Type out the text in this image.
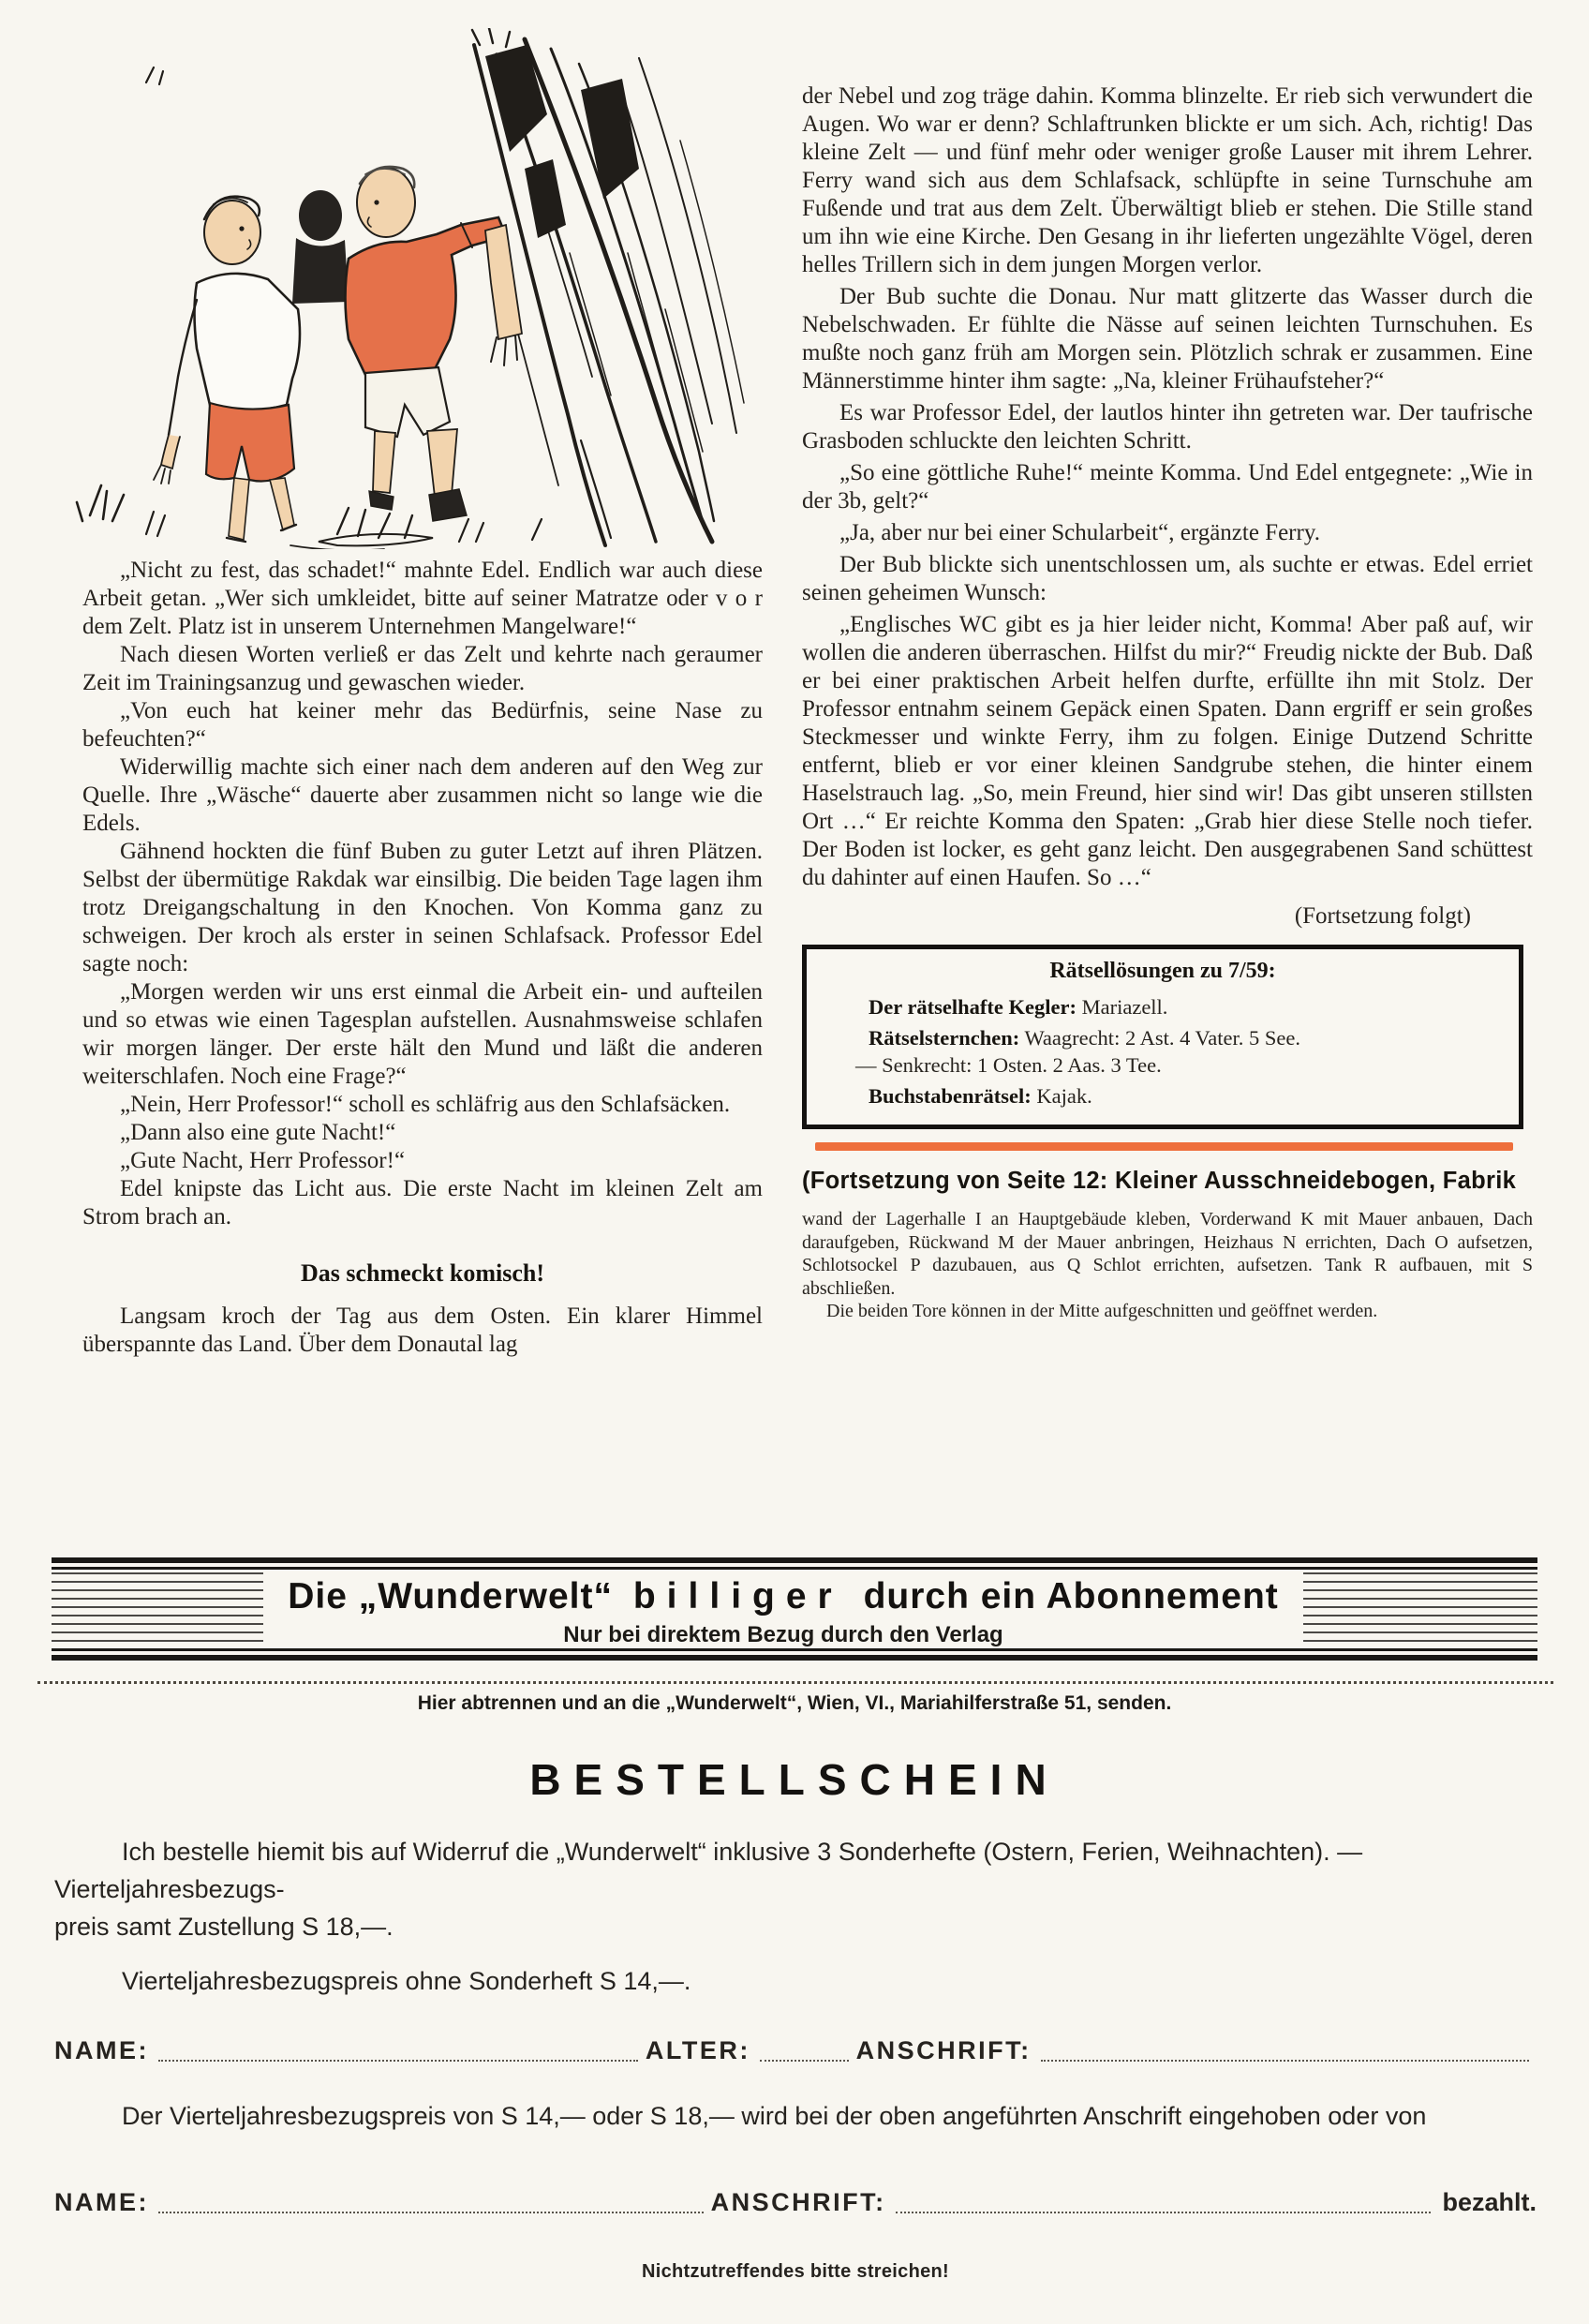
„Nicht zu fest, das schadet!“ mahnte Edel. Endlich war auch diese Arbeit getan. „Wer sich umkleidet, bitte auf seiner Matratze oder v o r dem Zelt. Platz ist in unserem Unternehmen Mangelware!“

Nach diesen Worten verließ er das Zelt und kehrte nach geraumer Zeit im Trainingsanzug und gewaschen wieder.

„Von euch hat keiner mehr das Bedürfnis, seine Nase zu befeuchten?“

Widerwillig machte sich einer nach dem anderen auf den Weg zur Quelle. Ihre „Wäsche“ dauerte aber zusammen nicht so lange wie die Edels.

Gähnend hockten die fünf Buben zu guter Letzt auf ihren Plätzen. Selbst der übermütige Rakdak war einsilbig. Die beiden Tage lagen ihm trotz Dreigangschaltung in den Knochen. Von Komma ganz zu schweigen. Der kroch als erster in seinen Schlafsack. Professor Edel sagte noch:

„Morgen werden wir uns erst einmal die Arbeit ein- und aufteilen und so etwas wie einen Tagesplan aufstellen. Ausnahmsweise schlafen wir morgen länger. Der erste hält den Mund und läßt die anderen weiterschlafen. Noch eine Frage?“

„Nein, Herr Professor!“ scholl es schläfrig aus den Schlafsäcken.

„Dann also eine gute Nacht!“

„Gute Nacht, Herr Professor!“

Edel knipste das Licht aus. Die erste Nacht im kleinen Zelt am Strom brach an.

Das schmeckt komisch!

Langsam kroch der Tag aus dem Osten. Ein klarer Himmel überspannte das Land. Über dem Donautal lag

der Nebel und zog träge dahin. Komma blinzelte. Er rieb sich verwundert die Augen. Wo war er denn? Schlaftrunken blickte er um sich. Ach, richtig! Das kleine Zelt — und fünf mehr oder weniger große Lauser mit ihrem Lehrer. Ferry wand sich aus dem Schlafsack, schlüpfte in seine Turnschuhe am Fußende und trat aus dem Zelt. Überwältigt blieb er stehen. Die Stille stand um ihn wie eine Kirche. Den Gesang in ihr lieferten ungezählte Vögel, deren helles Trillern sich in dem jungen Morgen verlor.

Der Bub suchte die Donau. Nur matt glitzerte das Wasser durch die Nebelschwaden. Er fühlte die Nässe auf seinen leichten Turnschuhen. Es mußte noch ganz früh am Morgen sein. Plötzlich schrak er zusammen. Eine Männerstimme hinter ihm sagte: „Na, kleiner Frühaufsteher?“

Es war Professor Edel, der lautlos hinter ihn getreten war. Der taufrische Grasboden schluckte den leichten Schritt.

„So eine göttliche Ruhe!“ meinte Komma. Und Edel entgegnete: „Wie in der 3b, gelt?“

„Ja, aber nur bei einer Schularbeit“, ergänzte Ferry.

Der Bub blickte sich unentschlossen um, als suchte er etwas. Edel erriet seinen geheimen Wunsch:

„Englisches WC gibt es ja hier leider nicht, Komma! Aber paß auf, wir wollen die anderen überraschen. Hilfst du mir?“ Freudig nickte der Bub. Daß er bei einer praktischen Arbeit helfen durfte, erfüllte ihn mit Stolz. Der Professor entnahm seinem Gepäck einen Spaten. Dann ergriff er sein großes Steckmesser und winkte Ferry, ihm zu folgen. Einige Dutzend Schritte entfernt, blieb er vor einer kleinen Sandgrube stehen, die hinter einem Haselstrauch lag. „So, mein Freund, hier sind wir! Das gibt unseren stillsten Ort …“ Er reichte Komma den Spaten: „Grab hier diese Stelle noch tiefer. Der Boden ist locker, es geht ganz leicht. Den ausgegrabenen Sand schüttest du dahinter auf einen Haufen. So …“

(Fortsetzung folgt)
Rätsellösungen zu 7/59:
Der rätselhafte Kegler: Mariazell.
Rätselsternchen: Waagrecht: 2 Ast. 4 Vater. 5 See.
— Senkrecht: 1 Osten. 2 Aas. 3 Tee.
Buchstabenrätsel: Kajak.
(Fortsetzung von Seite 12: Kleiner Ausschneidebogen, Fabrik

wand der Lagerhalle I an Hauptgebäude kleben, Vorderwand K mit Mauer anbauen, Dach daraufgeben, Rückwand M der Mauer anbringen, Heizhaus N errichten, Dach O aufsetzen, Schlotsockel P dazubauen, aus Q Schlot errichten, aufsetzen. Tank R aufbauen, mit S abschließen.

Die beiden Tore können in der Mitte aufgeschnitten und geöffnet werden.

Die „Wunderwelt“ billiger durch ein Abonnement
Nur bei direktem Bezug durch den Verlag
Hier abtrennen und an die „Wunderwelt“, Wien, VI., Mariahilferstraße 51, senden.
BESTELLSCHEIN
Ich bestelle hiemit bis auf Widerruf die „Wunderwelt“ inklusive 3 Sonderhefte (Ostern, Ferien, Weihnachten). — Vierteljahresbezugs-
preis samt Zustellung S 18,—.
Vierteljahresbezugspreis ohne Sonderheft S 14,—.
NAME:	ALTER:	ANSCHRIFT:
Der Vierteljahresbezugspreis von S 14,— oder S 18,— wird bei der oben angeführten Anschrift eingehoben oder von
NAME:	ANSCHRIFT:	bezahlt.
Nichtzutreffendes bitte streichen!
